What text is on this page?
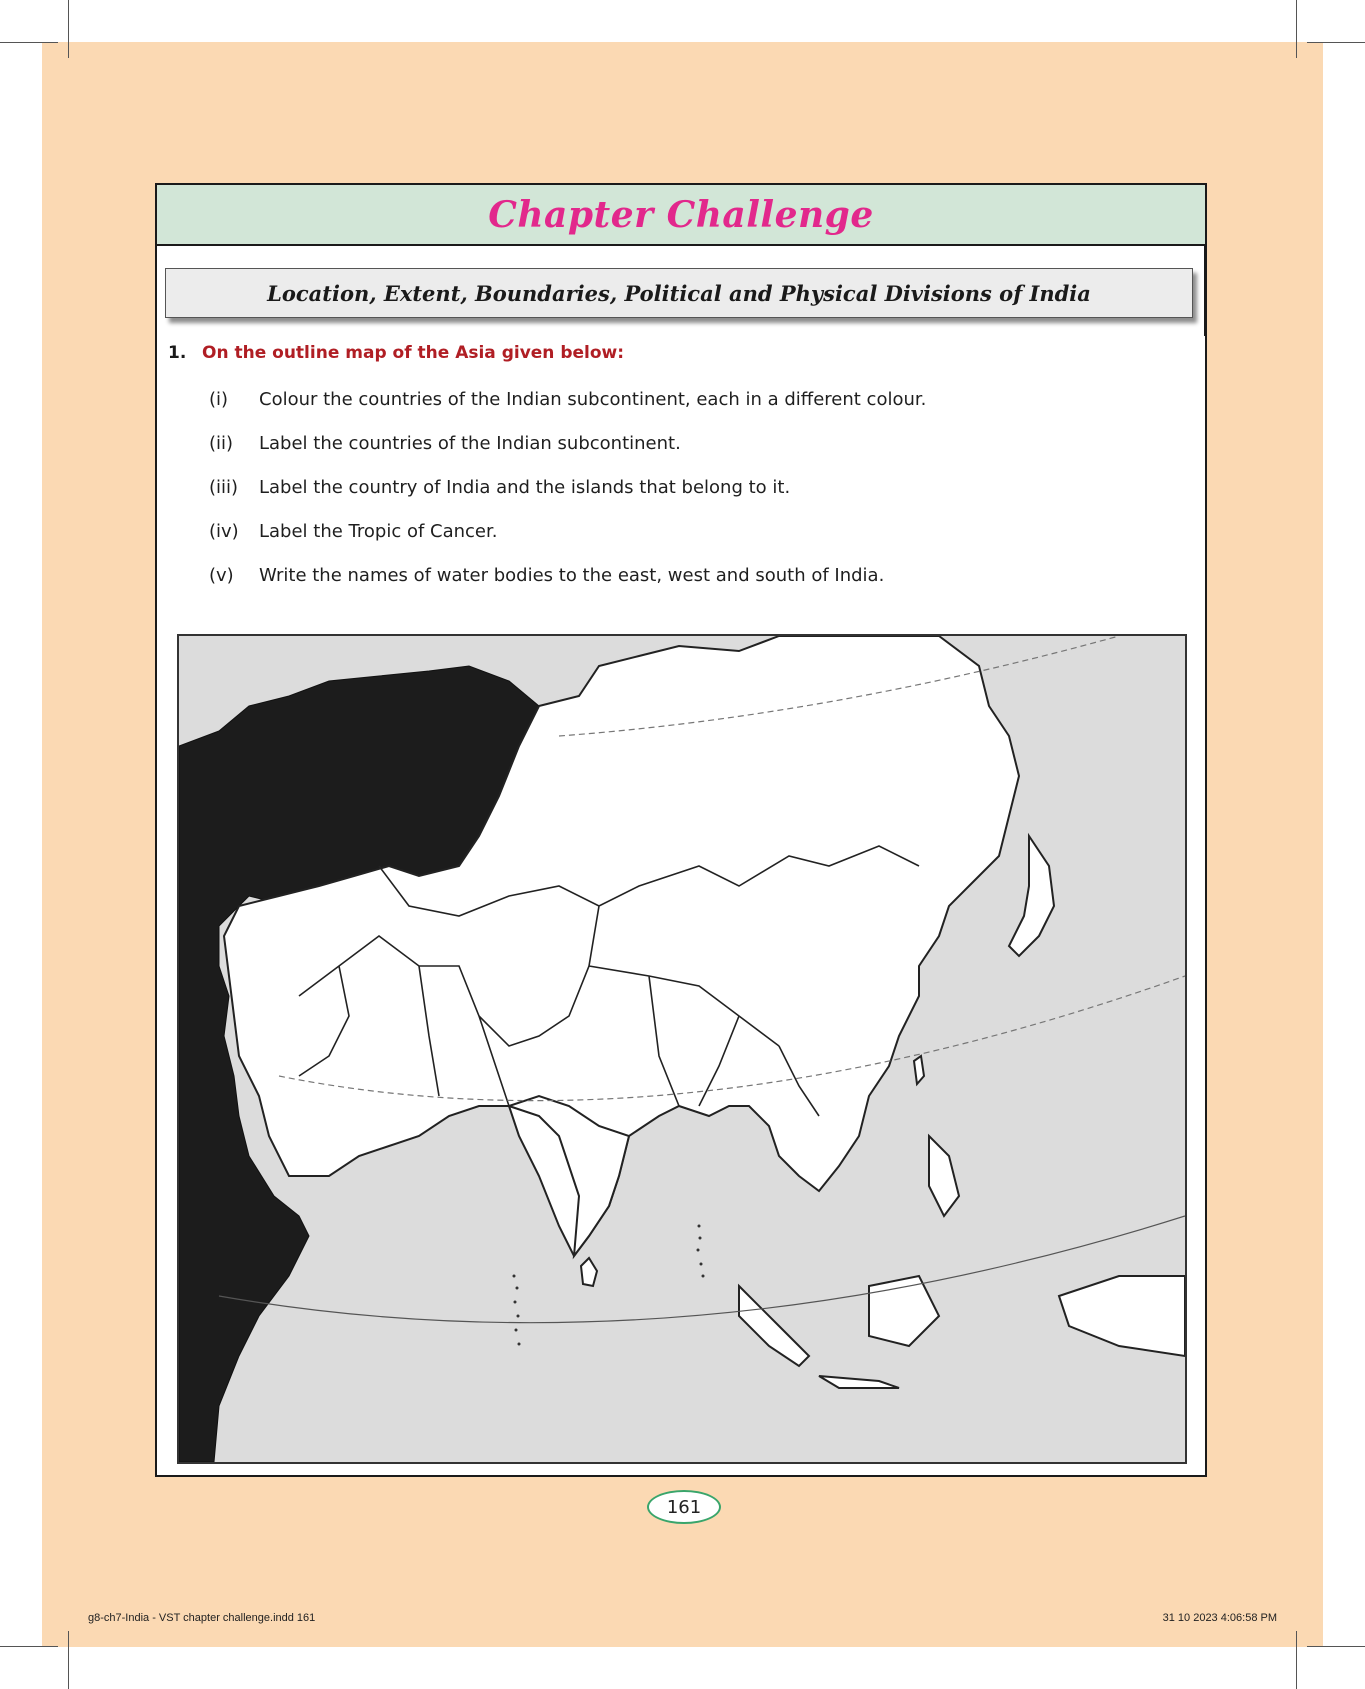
Chapter Challenge
Location, Extent, Boundaries, Political and Physical Divisions of India
1. On the outline map of the Asia given below:
(i) Colour the countries of the Indian subcontinent, each in a different colour.
(ii) Label the countries of the Indian subcontinent.
(iii) Label the country of India and the islands that belong to it.
(iv) Label the Tropic of Cancer.
(v) Write the names of water bodies to the east, west and south of India.
161
g8-ch7-India - VST chapter challenge.indd 161	31 10 2023 4:06:58 PM
